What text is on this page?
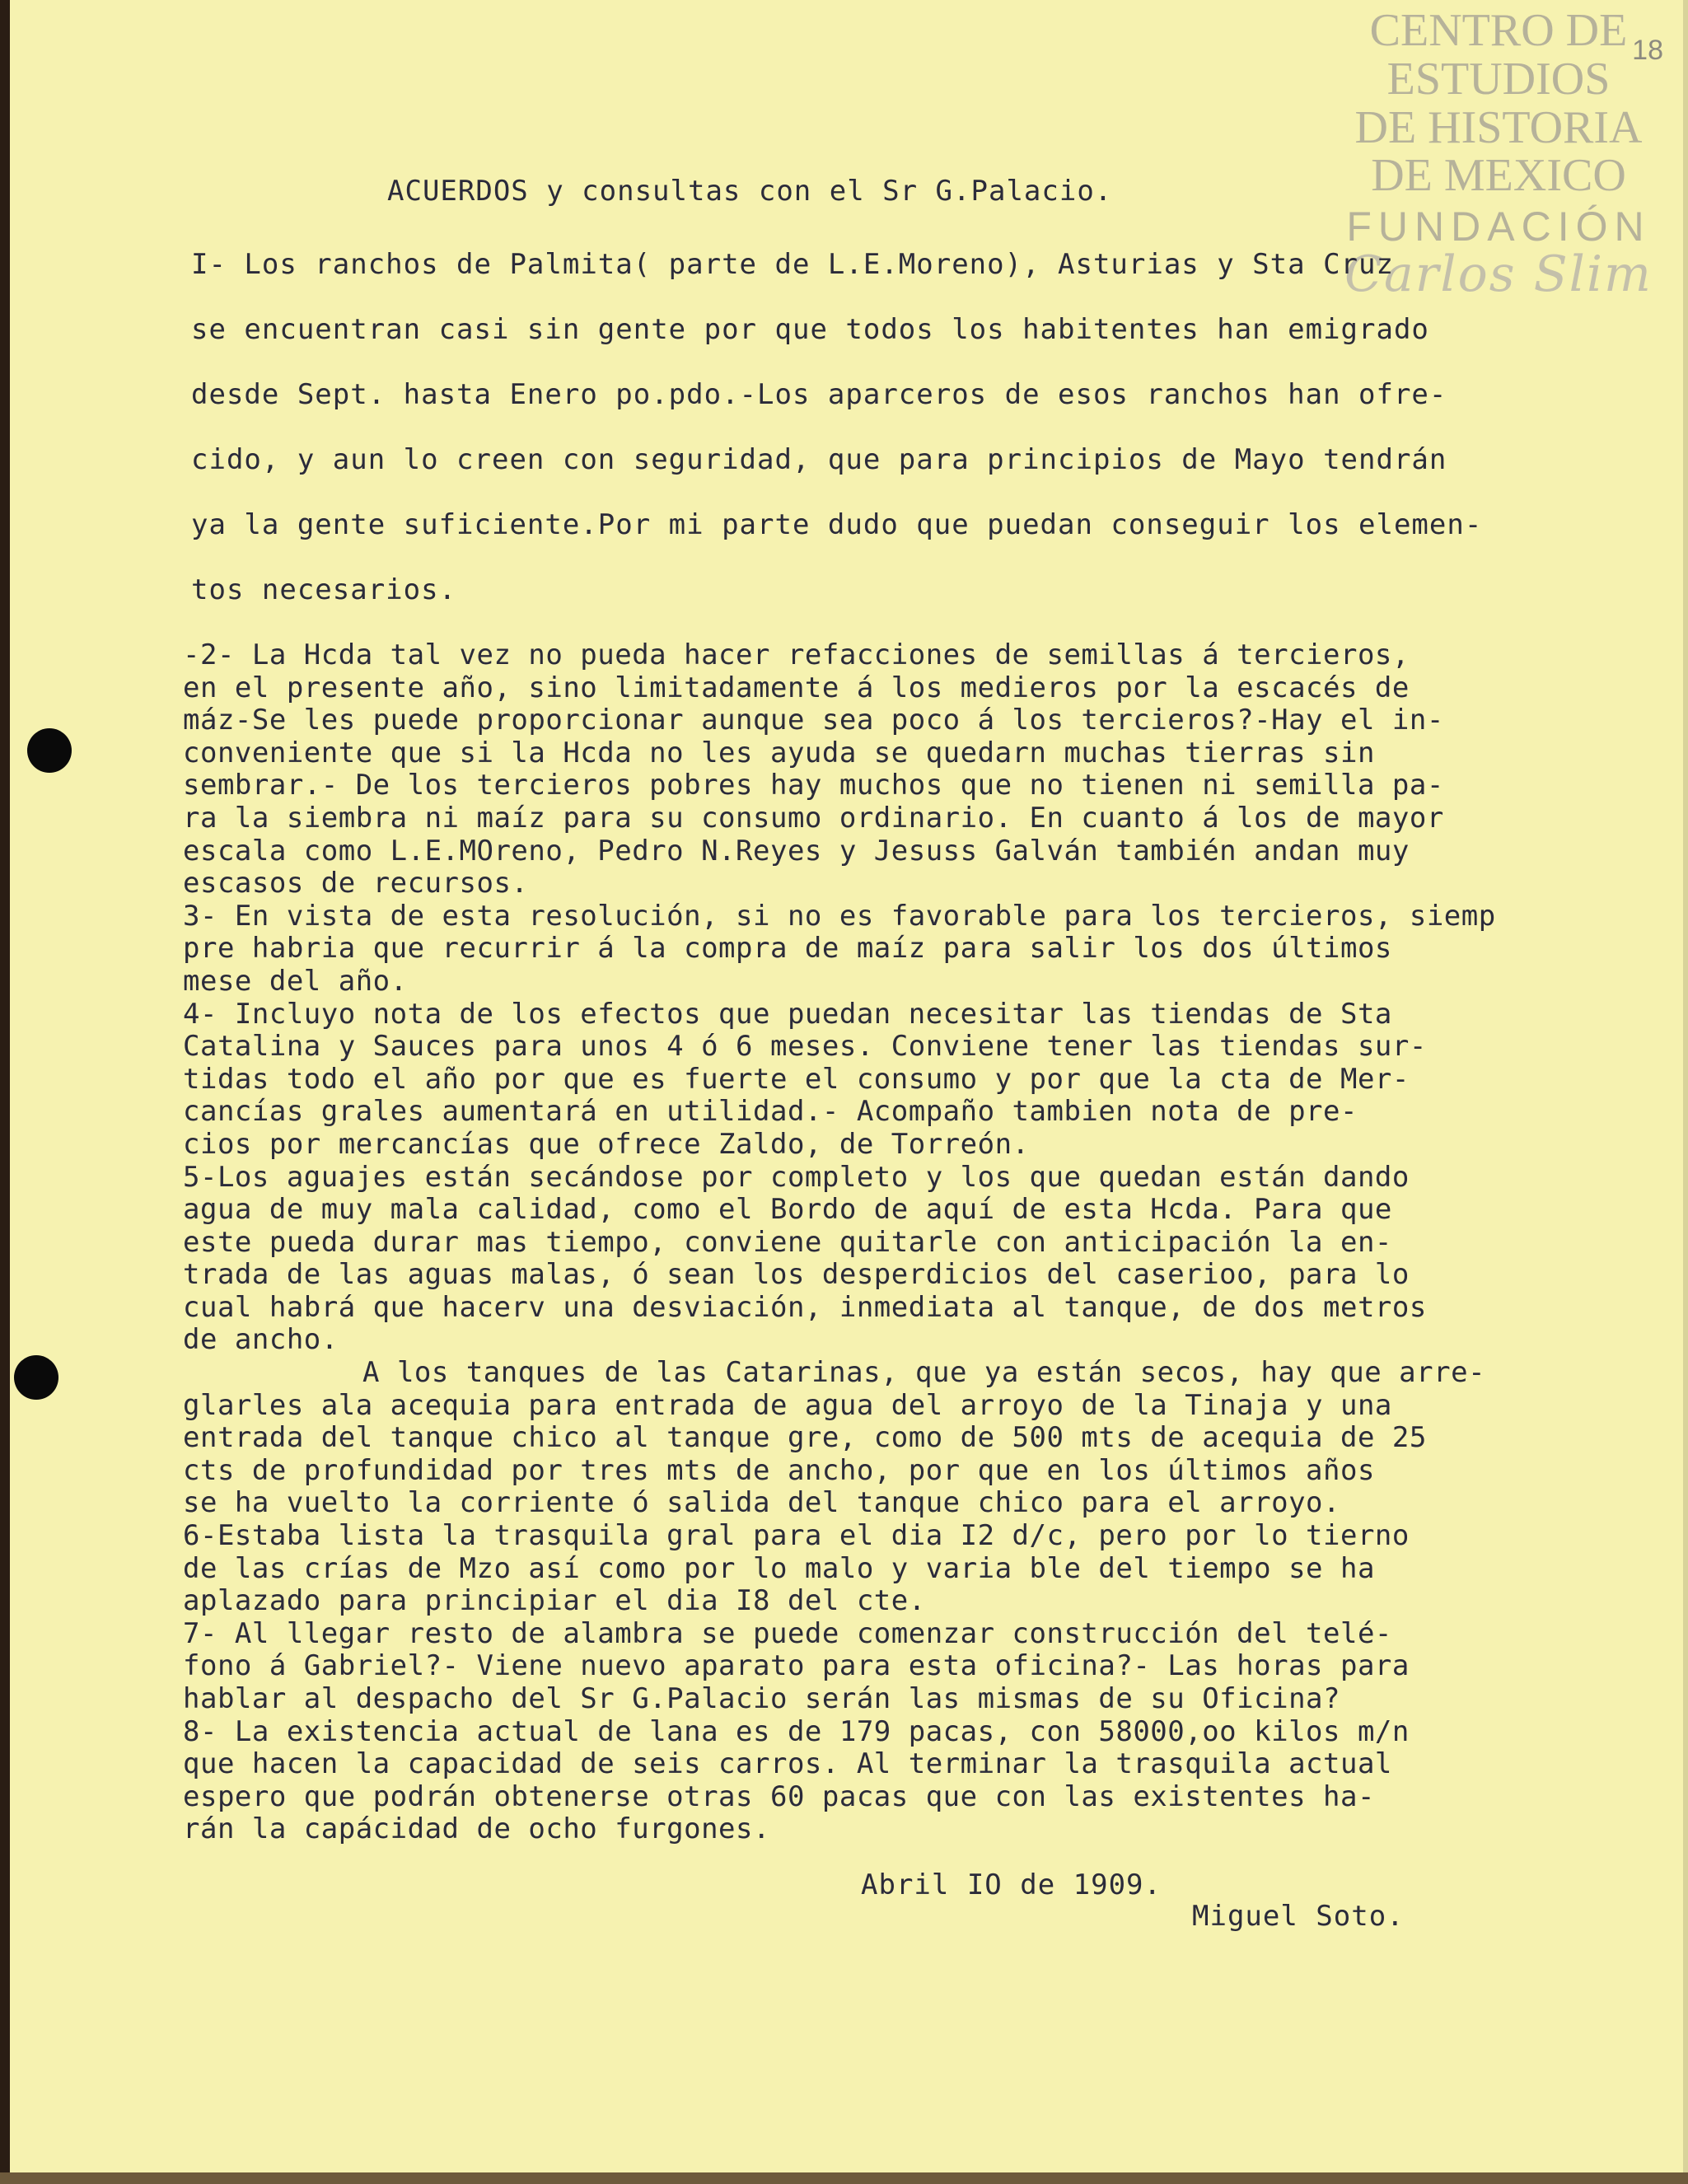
CENTRO DE
ESTUDIOS
DE HISTORIA
DE MEXICO
FUNDACIÓN
Carlos Slim
18
ACUERDOS y consultas con el Sr G.Palacio.
I- Los ranchos de Palmita( parte de L.E.Moreno), Asturias y Sta Cruz
se encuentran casi sin gente por que todos los habitentes han emigrado
desde Sept. hasta Enero po.pdo.-Los aparceros de esos ranchos han ofre-
cido, y aun lo creen con seguridad, que para principios de Mayo tendrán
ya la gente suficiente.Por mi parte dudo que puedan conseguir los elemen-
tos necesarios.
-2- La Hcda tal vez no pueda hacer refacciones de semillas á tercieros,
en el presente año, sino limitadamente á los medieros por la escacés de
máz-Se les puede proporcionar aunque sea poco á los tercieros?-Hay el in-
conveniente que si la Hcda no les ayuda se quedarn muchas tierras sin
sembrar.- De los tercieros pobres hay muchos que no tienen ni semilla pa-
ra la siembra ni maíz para su consumo ordinario. En cuanto á los de mayor
escala como L.E.MOreno, Pedro N.Reyes y Jesuss Galván también andan muy
escasos de recursos.
3- En vista de esta resolución, si no es favorable para los tercieros, siemp
pre habria que recurrir á la compra de maíz para salir los dos últimos
mese del año.
4- Incluyo nota de los efectos que puedan necesitar las tiendas de Sta
Catalina y Sauces para unos 4 ó 6 meses. Conviene tener las tiendas sur-
tidas todo el año por que es fuerte el consumo y por que la cta de Mer-
cancías grales aumentará en utilidad.- Acompaño tambien nota de pre-
cios por mercancías que ofrece Zaldo, de Torreón.
5-Los aguajes están secándose por completo y los que quedan están dando
agua de muy mala calidad, como el Bordo de aquí de esta Hcda. Para que
este pueda durar mas tiempo, conviene quitarle con anticipación la en-
trada de las aguas malas, ó sean los desperdicios del caserioo, para lo
cual habrá que hacerv una desviación, inmediata al tanque, de dos metros
de ancho.
A los tanques de las Catarinas, que ya están secos, hay que arre-
glarles ala acequia para entrada de agua del arroyo de la Tinaja y una
entrada del tanque chico al tanque gre, como de 500 mts de acequia de 25
cts de profundidad por tres mts de ancho, por que en los últimos años
se ha vuelto la corriente ó salida del tanque chico para el arroyo.
6-Estaba lista la trasquila gral para el dia I2 d/c, pero por lo tierno
de las crías de Mzo así como por lo malo y varia ble del tiempo se ha
aplazado para principiar el dia I8 del cte.
7- Al llegar resto de alambra se puede comenzar construcción del telé-
fono á Gabriel?- Viene nuevo aparato para esta oficina?- Las horas para
hablar al despacho del Sr G.Palacio serán las mismas de su Oficina?
8- La existencia actual de lana es de 179 pacas, con 58000,oo kilos m/n
que hacen la capacidad de seis carros. Al terminar la trasquila actual
espero que podrán obtenerse otras 60 pacas que con las existentes ha-
rán la capácidad de ocho furgones.
Abril IO de 1909.
Miguel Soto.
